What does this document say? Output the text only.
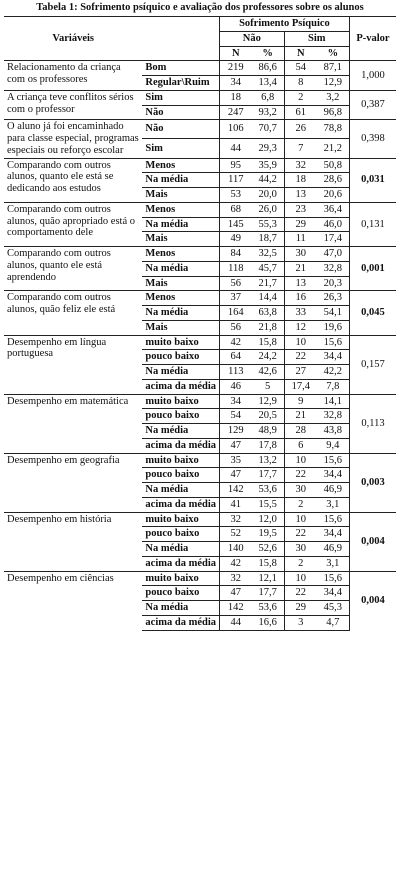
Tabela 1: Sofrimento psíquico e avaliação dos professores sobre os alunos
Variáveis		Sofrimento Psíquico				P-valor
		Não		Sim		
		N	%	N	%	
Relacionamento da criança com os professores	Bom	219	86,6	54	87,1	1,000
	Regular\Ruim	34	13,4	8	12,9	
A criança teve conflitos sérios com o professor	Sim	18	6,8	2	3,2	0,387
	Não	247	93,2	61	96,8	
O aluno já foi encaminhado para classe especial, programas especiais ou reforço escolar	Não	106	70,7	26	78,8	0,398
	Sim	44	29,3	7	21,2	
Comparando com outros alunos, quanto ele está se dedicando aos estudos	Menos	95	35,9	32	50,8	0,031
	Na média	117	44,2	18	28,6	
	Mais	53	20,0	13	20,6	
Comparando com outros alunos, quão apropriado está o comportamento dele	Menos	68	26,0	23	36,4	0,131
	Na média	145	55,3	29	46,0	
	Mais	49	18,7	11	17,4	
Comparando com outros alunos, quanto ele está aprendendo	Menos	84	32,5	30	47,0	0,001
	Na média	118	45,7	21	32,8	
	Mais	56	21,7	13	20,3	
Comparando com outros alunos, quão feliz ele está	Menos	37	14,4	16	26,3	0,045
	Na média	164	63,8	33	54,1	
	Mais	56	21,8	12	19,6	
Desempenho em língua portuguesa	muito baixo	42	15,8	10	15,6	0,157
	pouco baixo	64	24,2	22	34,4	
	Na média	113	42,6	27	42,2	
	acima da média	46	5	17,4	7,8	
Desempenho em matemática	muito baixo	34	12,9	9	14,1	0,113
	pouco baixo	54	20,5	21	32,8	
	Na média	129	48,9	28	43,8	
	acima da média	47	17,8	6	9,4	
Desempenho em geografia	muito baixo	35	13,2	10	15,6	0,003
	pouco baixo	47	17,7	22	34,4	
	Na média	142	53,6	30	46,9	
	acima da média	41	15,5	2	3,1	
Desempenho em história	muito baixo	32	12,0	10	15,6	0,004
	pouco baixo	52	19,5	22	34,4	
	Na média	140	52,6	30	46,9	
	acima da média	42	15,8	2	3,1	
Desempenho em ciências	muito baixo	32	12,1	10	15,6	0,004
	pouco baixo	47	17,7	22	34,4	
	Na média	142	53,6	29	45,3	
	acima da média	44	16,6	3	4,7	
